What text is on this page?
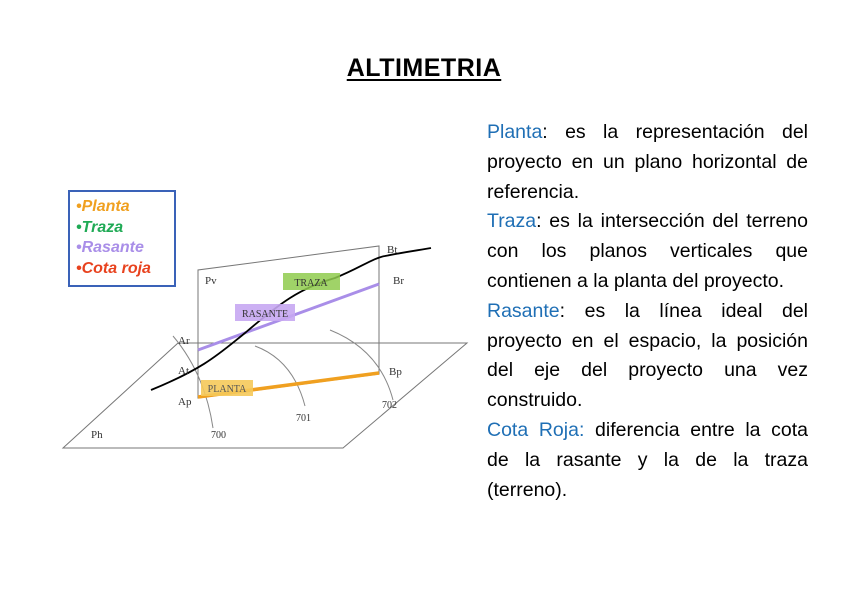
ALTIMETRIA
TRAZA
RASANTE
PLANTA
Pv
Bt
Br
Ar
At
Ap
Bp
Ph	700
701
702
•Planta
•Traza
•Rasante
•Cota roja

Planta: es la representación del proyecto en un plano horizontal de referencia.

Traza: es la intersección del terreno con los planos verticales que contienen a la planta del proyecto.

Rasante: es la línea ideal del proyecto en el espacio, la posición del eje del proyecto una vez construido.

Cota Roja: diferencia entre la cota de la rasante y la de la traza (terreno).
